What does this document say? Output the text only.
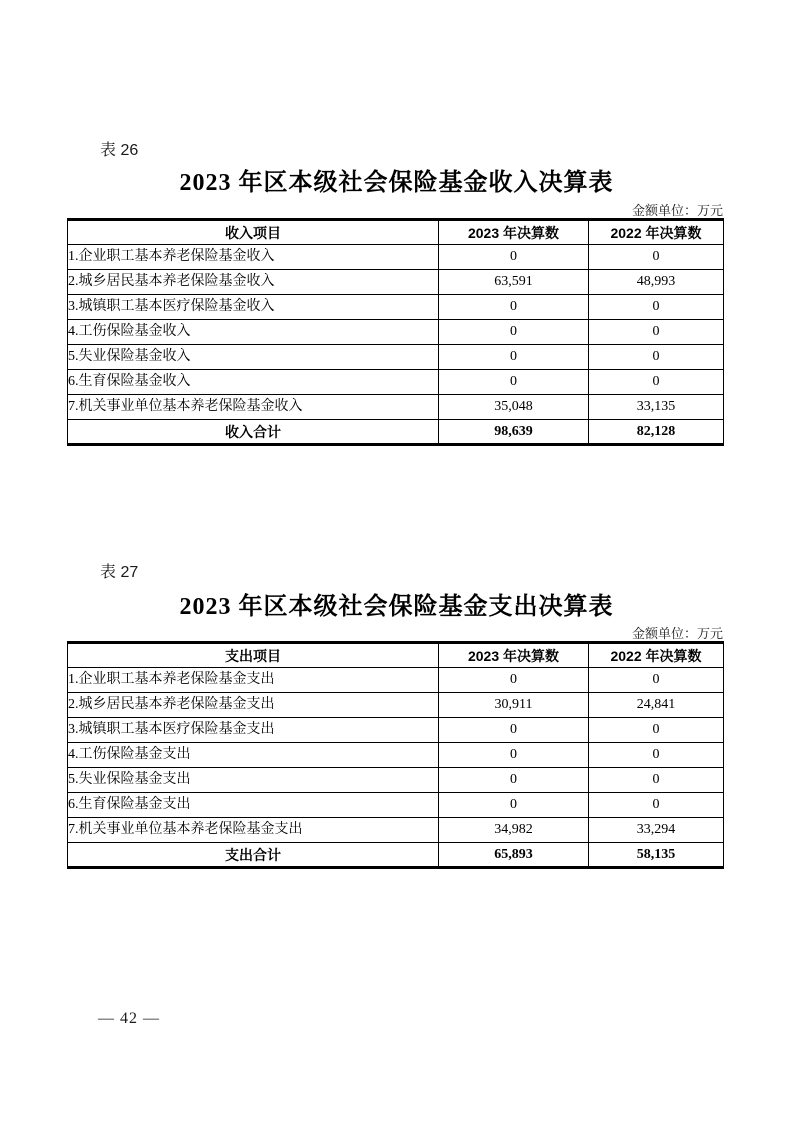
表 26
2023 年区本级社会保险基金收入决算表
金额单位：万元
收入项目	2023 年决算数	2022 年决算数
1.企业职工基本养老保险基金收入	0	0
2.城乡居民基本养老保险基金收入	63,591	48,993
3.城镇职工基本医疗保险基金收入	0	0
4.工伤保险基金收入	0	0
5.失业保险基金收入	0	0
6.生育保险基金收入	0	0
7.机关事业单位基本养老保险基金收入	35,048	33,135
收入合计	98,639	82,128
表 27
2023 年区本级社会保险基金支出决算表
金额单位：万元
支出项目	2023 年决算数	2022 年决算数
1.企业职工基本养老保险基金支出	0	0
2.城乡居民基本养老保险基金支出	30,911	24,841
3.城镇职工基本医疗保险基金支出	0	0
4.工伤保险基金支出	0	0
5.失业保险基金支出	0	0
6.生育保险基金支出	0	0
7.机关事业单位基本养老保险基金支出	34,982	33,294
支出合计	65,893	58,135
— 42 —
